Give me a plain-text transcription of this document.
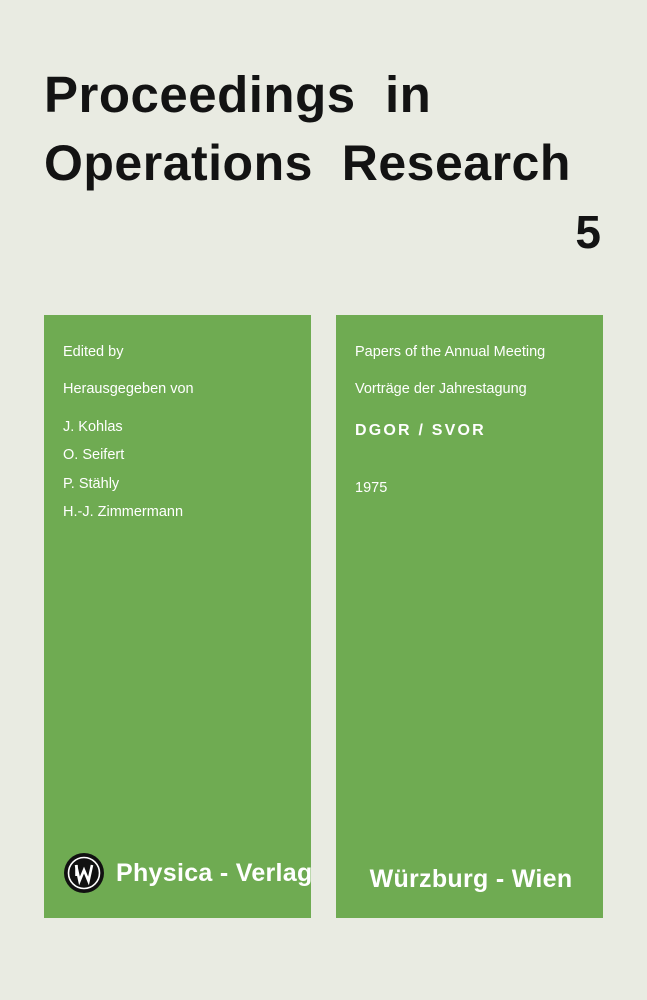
Proceedings  in
Operations  Research
5
Edited by
Herausgegeben von
J. Kohlas
O. Seifert
P. Stähly
H.-J. Zimmermann
Physica - Verlag
Papers of the Annual Meeting
Vorträge der Jahrestagung
DGOR / SVOR
1975
Würzburg - Wien
